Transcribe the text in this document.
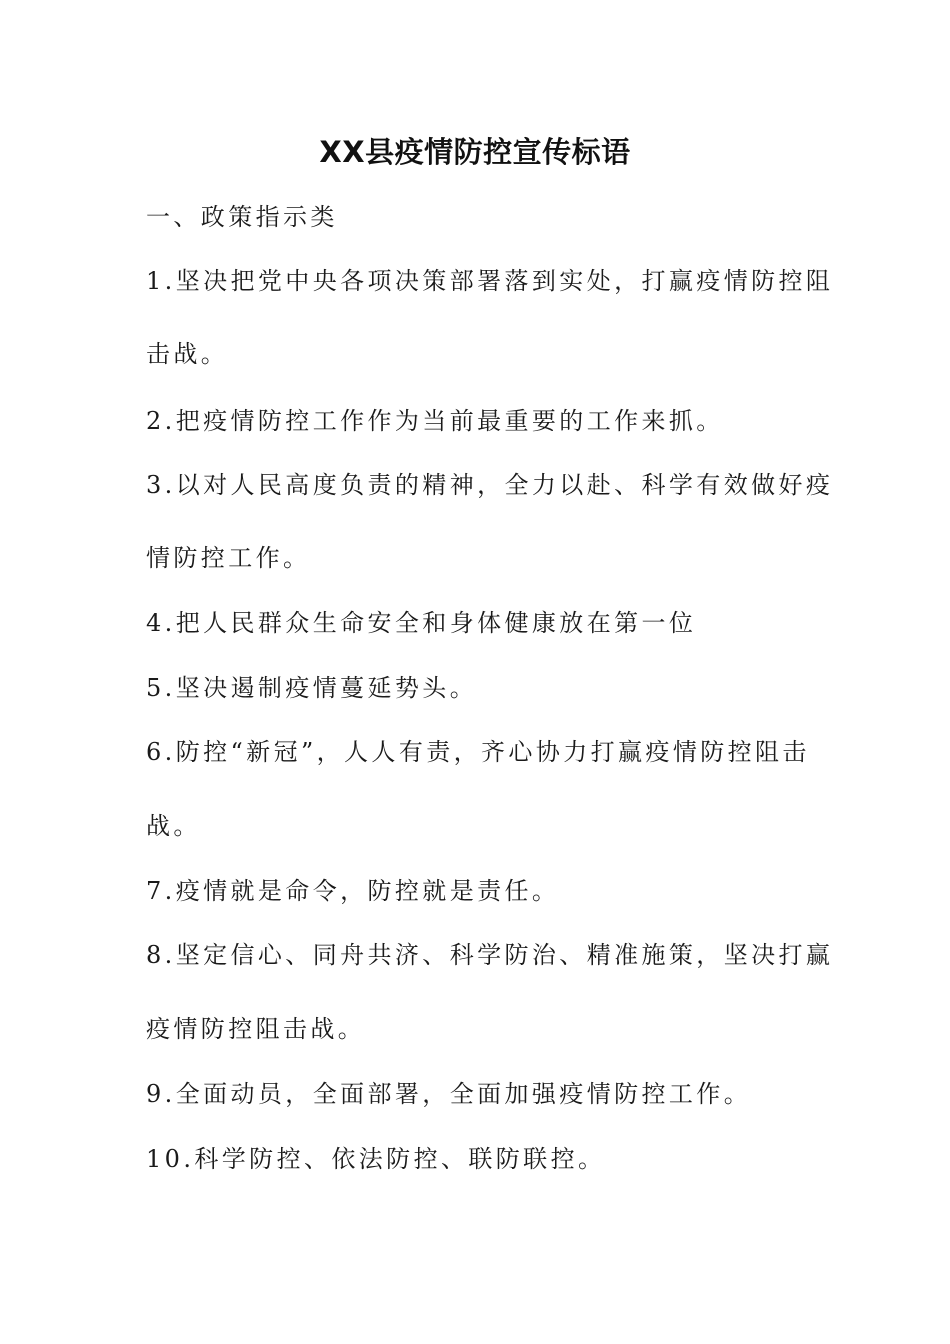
XX县疫情防控宣传标语
一、政策指示类
1.坚决把党中央各项决策部署落到实处，打赢疫情防控阻
击战。
2.把疫情防控工作作为当前最重要的工作来抓。
3.以对人民高度负责的精神，全力以赴、科学有效做好疫
情防控工作。
4.把人民群众生命安全和身体健康放在第一位
5.坚决遏制疫情蔓延势头。
6.防控“新冠”，人人有责，齐心协力打赢疫情防控阻击
战。
7.疫情就是命令，防控就是责任。
8.坚定信心、同舟共济、科学防治、精准施策，坚决打赢
疫情防控阻击战。
9.全面动员，全面部署，全面加强疫情防控工作。
10.科学防控、依法防控、联防联控。
